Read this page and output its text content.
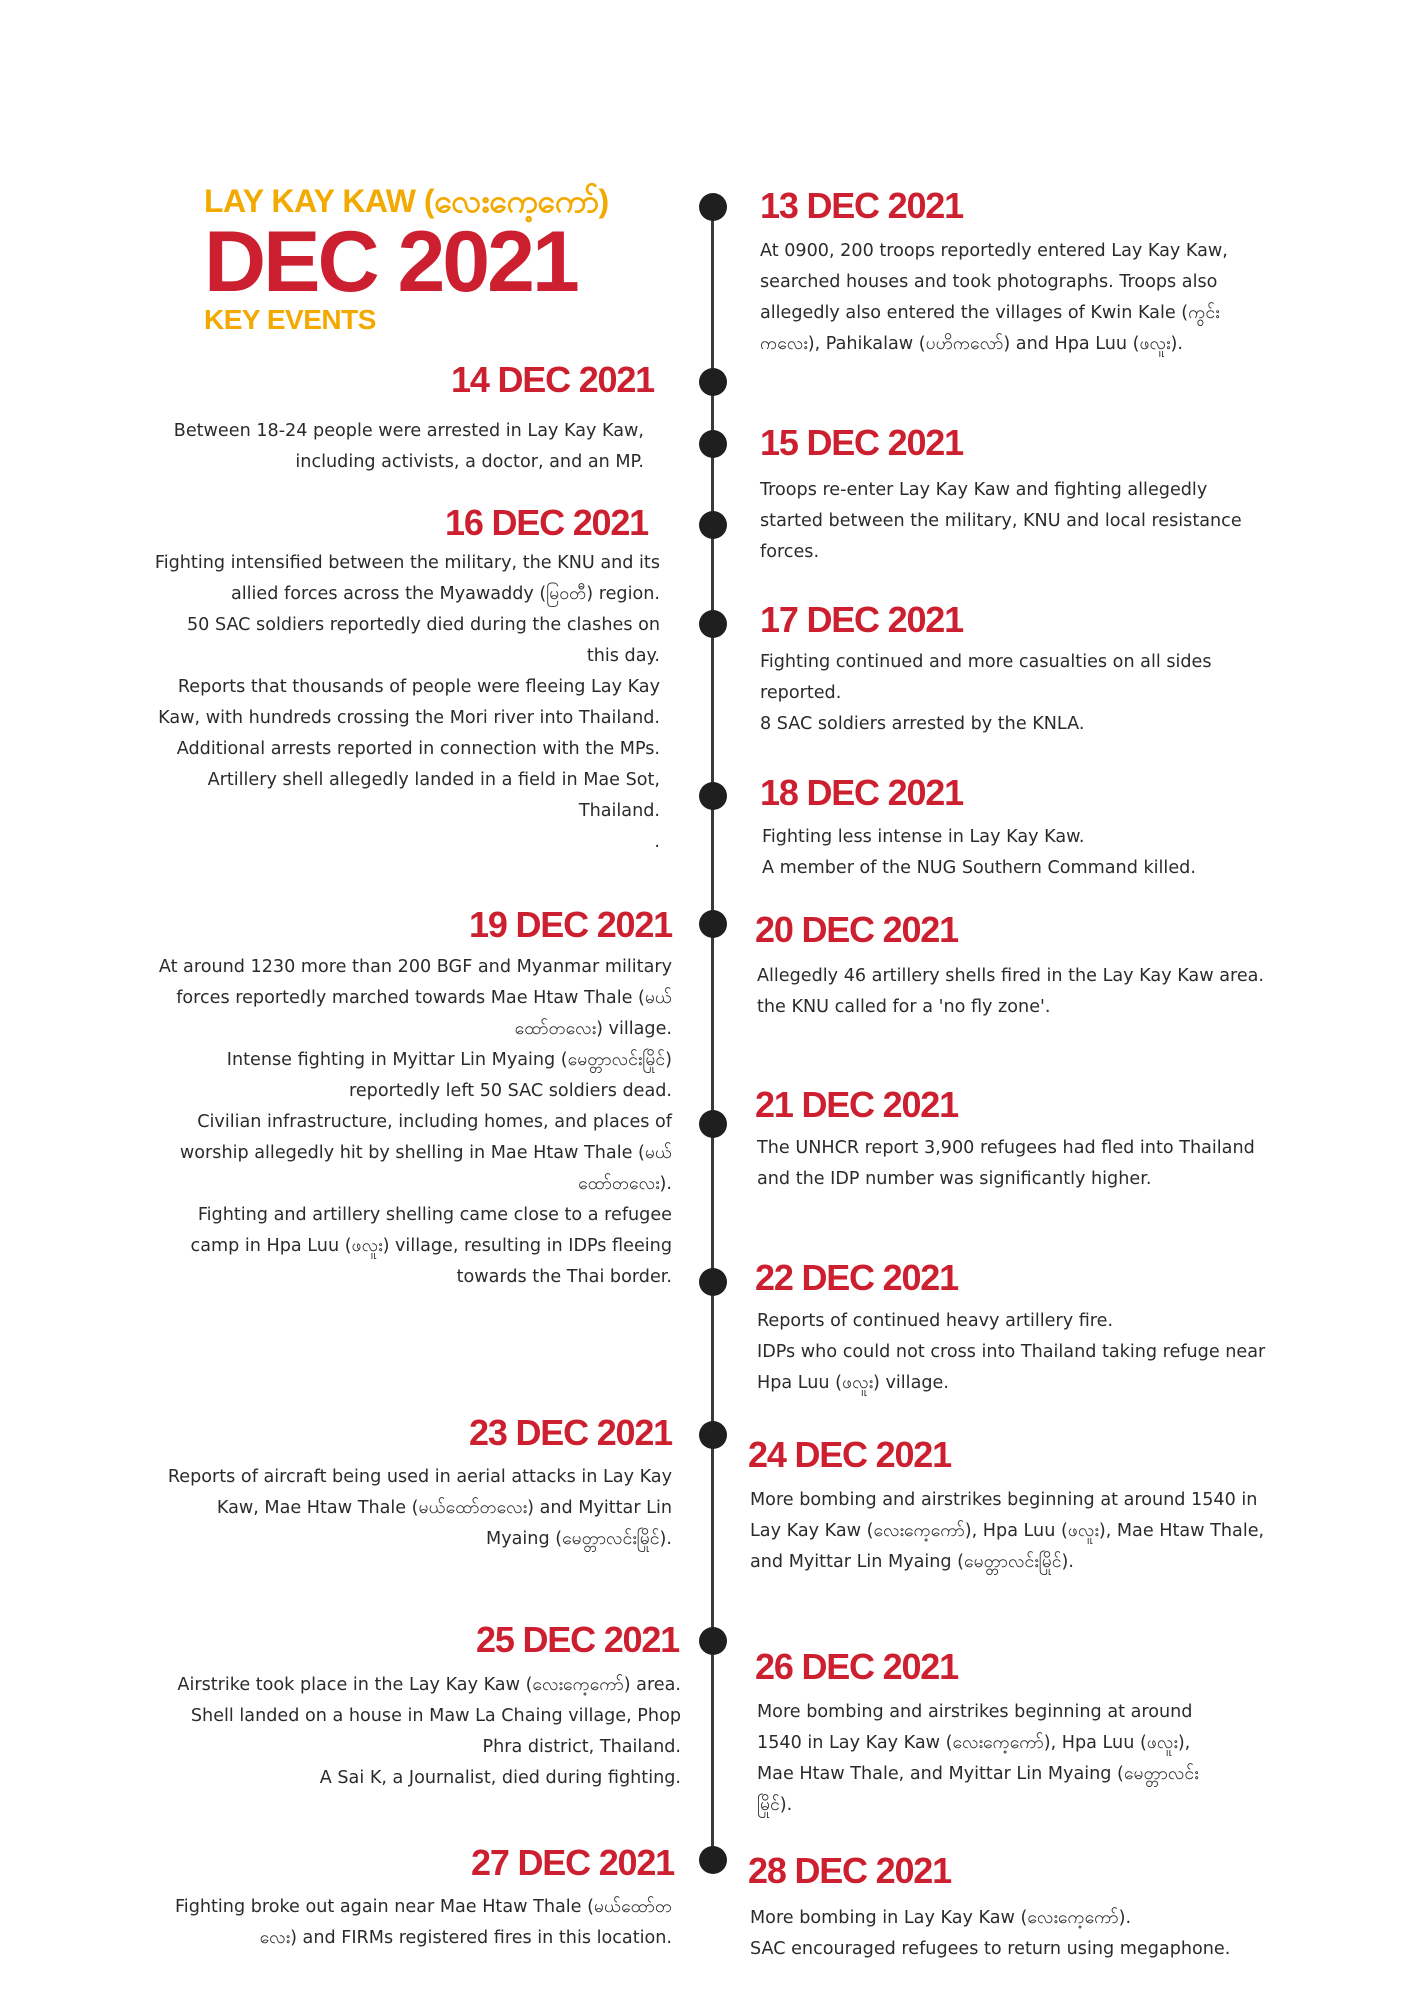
LAY KAY KAW (လေးကေ့ကော်)
DEC 2021
KEY EVENTS
13 DEC 2021
At 0900, 200 troops reportedly entered Lay Kay Kaw, searched houses and took photographs. Troops also allegedly also entered the villages of Kwin Kale (ကွင်းကလေး), Pahikalaw (ပဟိကလော်) and Hpa Luu (ဖလူး).
15 DEC 2021
Troops re-enter Lay Kay Kaw and fighting allegedly started between the military, KNU and local resistance forces.
17 DEC 2021
Fighting continued and more casualties on all sides reported.
8 SAC soldiers arrested by the KNLA.
18 DEC 2021
Fighting less intense in Lay Kay Kaw.
A member of the NUG Southern Command killed.
20 DEC 2021
Allegedly 46 artillery shells fired in the Lay Kay Kaw area.
the KNU called for a 'no fly zone'.
21 DEC 2021
The UNHCR report 3,900 refugees had fled into Thailand and the IDP number was significantly higher.
22 DEC 2021
Reports of continued heavy artillery fire.
IDPs who could not cross into Thailand taking refuge near Hpa Luu (ဖလူး) village.
24 DEC 2021
More bombing and airstrikes beginning at around 1540 in Lay Kay Kaw (လေးကေ့ကော်), Hpa Luu (ဖလူး), Mae Htaw Thale, and Myittar Lin Myaing (မေတ္တာလင်းမြိုင်).
26 DEC 2021
More bombing and airstrikes beginning at around 1540 in Lay Kay Kaw (လေးကေ့ကော်), Hpa Luu (ဖလူး), Mae Htaw Thale, and Myittar Lin Myaing (မေတ္တာလင်းမြိုင်).
28 DEC 2021
More bombing in Lay Kay Kaw (လေးကေ့ကော်).
SAC encouraged refugees to return using megaphone.
14 DEC 2021
Between 18-24 people were arrested in Lay Kay Kaw, including activists, a doctor, and an MP.
16 DEC 2021
Fighting intensified between the military, the KNU and its allied forces across the Myawaddy (မြဝတီ) region.
50 SAC soldiers reportedly died during the clashes on this day.
Reports that thousands of people were fleeing Lay Kay Kaw, with hundreds crossing the Mori river into Thailand.
Additional arrests reported in connection with the MPs.
Artillery shell allegedly landed in a field in Mae Sot, Thailand.
.
19 DEC 2021
At around 1230 more than 200 BGF and Myanmar military forces reportedly marched towards Mae Htaw Thale (မယ်ထော်တလေး) village.
Intense fighting in Myittar Lin Myaing (မေတ္တာလင်းမြိုင်) reportedly left 50 SAC soldiers dead.
Civilian infrastructure, including homes, and places of worship allegedly hit by shelling in Mae Htaw Thale (မယ်ထော်တလေး).
Fighting and artillery shelling came close to a refugee camp in Hpa Luu (ဖလူး) village, resulting in IDPs fleeing towards the Thai border.
23 DEC 2021
Reports of aircraft being used in aerial attacks in Lay Kay Kaw, Mae Htaw Thale (မယ်ထော်တလေး) and Myittar Lin Myaing (မေတ္တာလင်းမြိုင်).
25 DEC 2021
Airstrike took place in the Lay Kay Kaw (လေးကေ့ကော်) area.
Shell landed on a house in Maw La Chaing village, Phop Phra district, Thailand.
A Sai K, a Journalist, died during fighting.
27 DEC 2021
Fighting broke out again near Mae Htaw Thale (မယ်ထော်တလေး) and FIRMs registered fires in this location.
